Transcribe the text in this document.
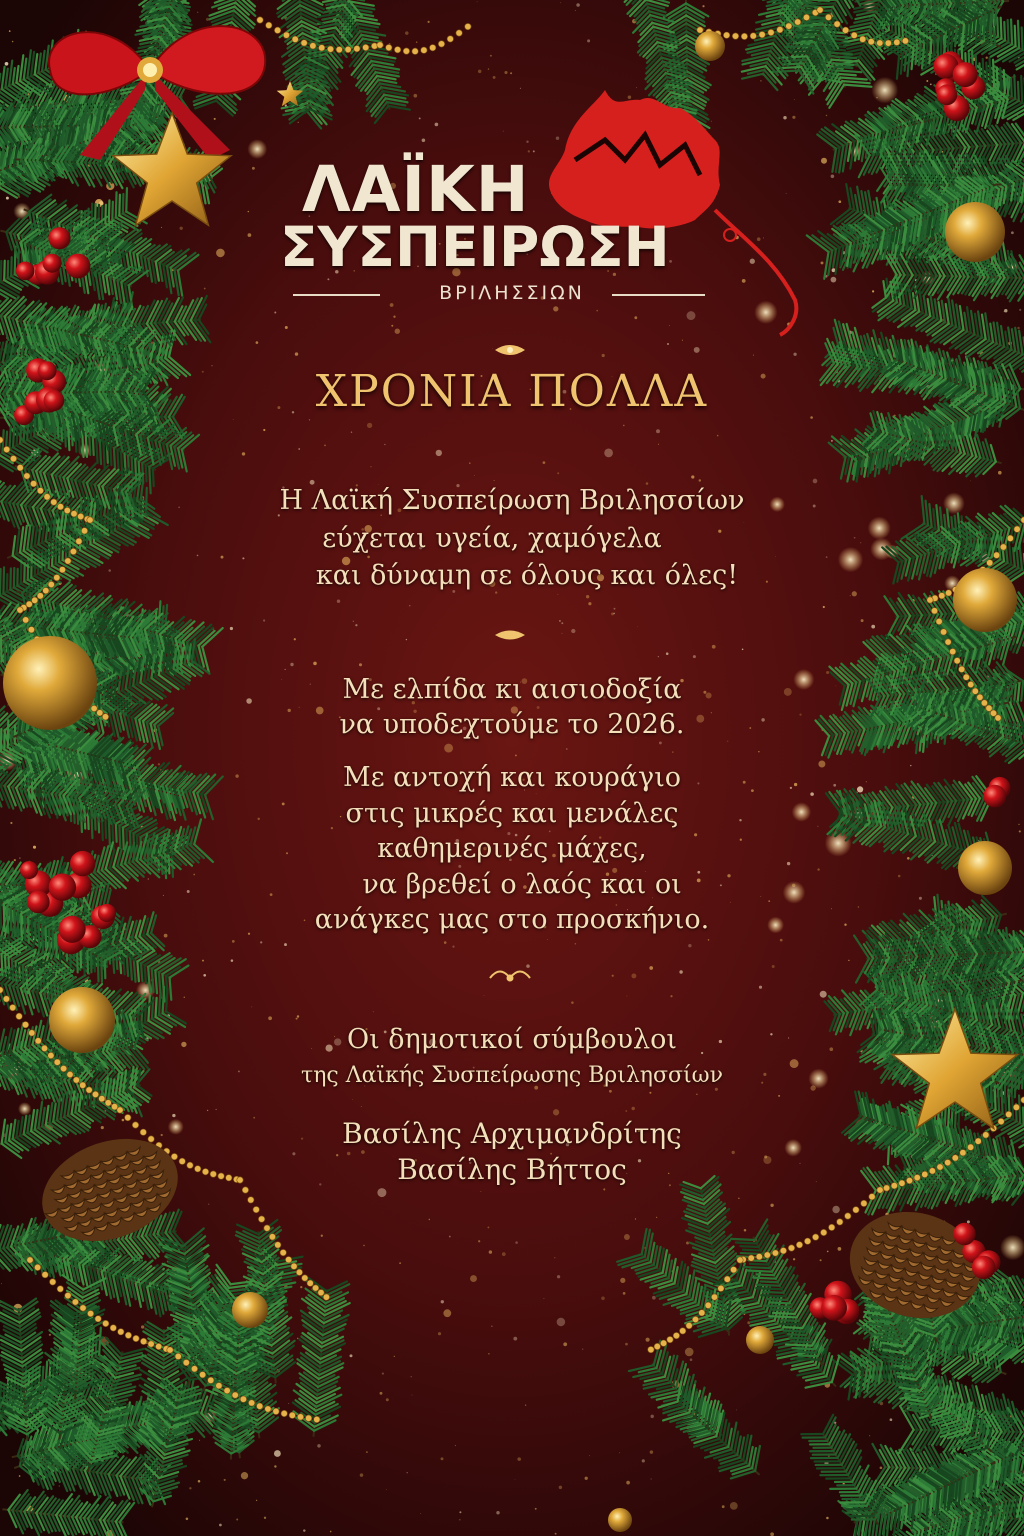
ΛΑΪΚΗ
ΣΥΣΠΕΙΡΩΣΗ
ΒΡΙΛΗΣΣΙΩΝ
ΧΡΟΝΙΑ ΠΟΛΛΑ
Η Λαϊκή Συσπείρωση Βριλησσίων
εύχεται υγεία, χαμόγελα
και δύναμη σε όλους και όλες!
Με ελπίδα κι αισιοδοξία
να υποδεχτούμε το 2026.
Με αντοχή και κουράγιο
στις μικρές και μενάλες
καθημερινές μάχες,
να βρεθεί ο λαός και οι
ανάγκες μας στο προσκήνιο.
Οι δημοτικοί σύμβουλοι
της Λαϊκής Συσπείρωσης Βριλησσίων
Βασίλης Αρχιμανδρίτης
Βασίλης Βήττος
